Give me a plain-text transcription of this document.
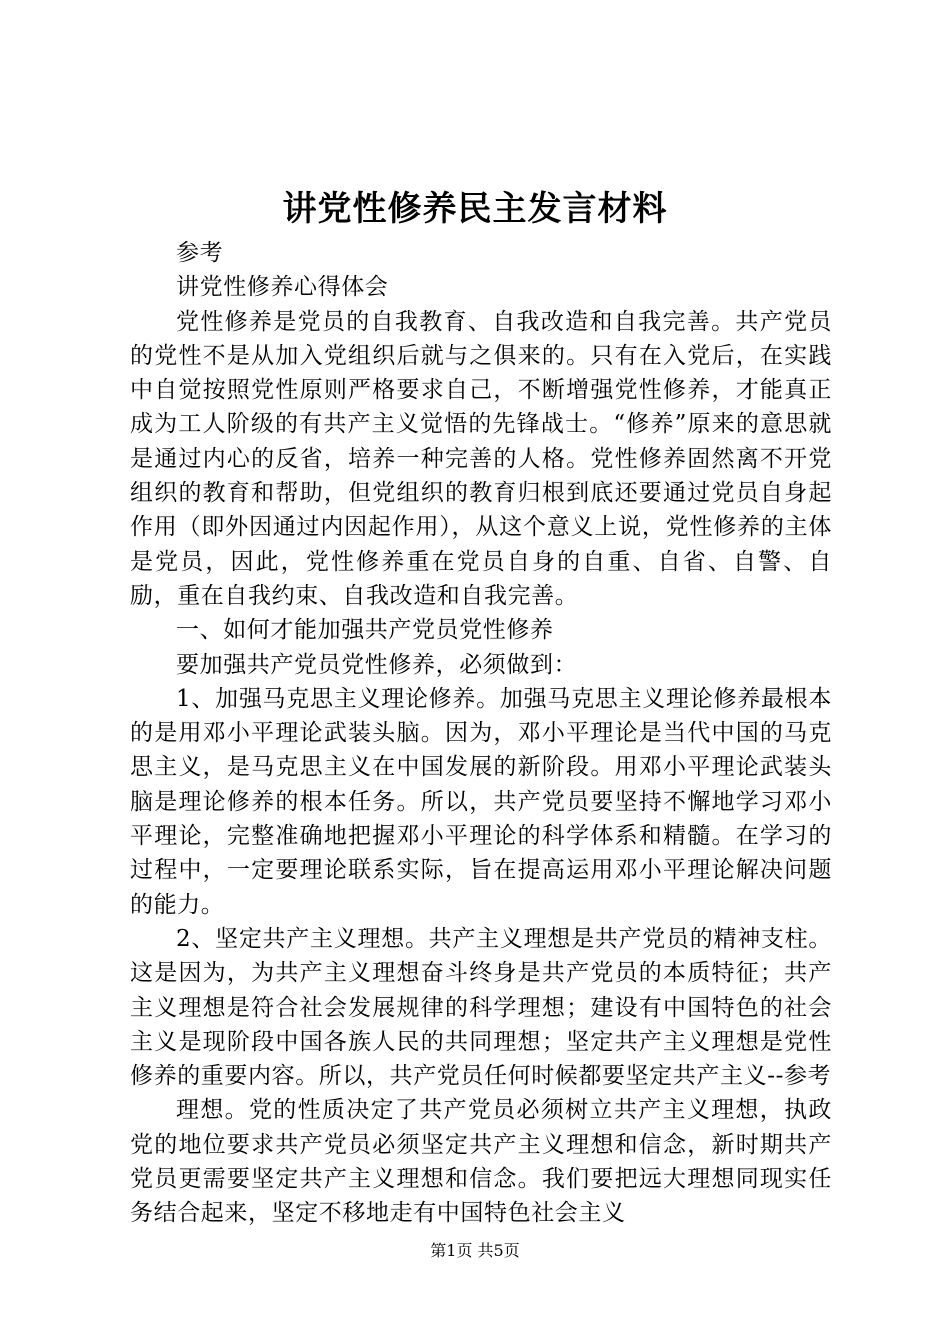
讲党性修养民主发言材料

参考

讲党性修养心得体会

党性修养是党员的自我教育、自我改造和自我完善。共产党员的党性不是从加入党组织后就与之俱来的。只有在入党后，在实践中自觉按照党性原则严格要求自己，不断增强党性修养，才能真正成为工人阶级的有共产主义觉悟的先锋战士。“修养”原来的意思就是通过内心的反省，培养一种完善的人格。党性修养固然离不开党组织的教育和帮助，但党组织的教育归根到底还要通过党员自身起作用（即外因通过内因起作用），从这个意义上说，党性修养的主体是党员，因此，党性修养重在党员自身的自重、自省、自警、自励，重在自我约束、自我改造和自我完善。

一、如何才能加强共产党员党性修养

要加强共产党员党性修养，必须做到：

1、加强马克思主义理论修养。加强马克思主义理论修养最根本的是用邓小平理论武装头脑。因为，邓小平理论是当代中国的马克思主义，是马克思主义在中国发展的新阶段。用邓小平理论武装头脑是理论修养的根本任务。所以，共产党员要坚持不懈地学习邓小平理论，完整准确地把握邓小平理论的科学体系和精髓。在学习的过程中，一定要理论联系实际，旨在提高运用邓小平理论解决问题的能力。

2、坚定共产主义理想。共产主义理想是共产党员的精神支柱。这是因为，为共产主义理想奋斗终身是共产党员的本质特征；共产主义理想是符合社会发展规律的科学理想；建设有中国特色的社会主义是现阶段中国各族人民的共同理想；坚定共产主义理想是党性修养的重要内容。所以，共产党员任何时候都要坚定共产主义--参考

理想。党的性质决定了共产党员必须树立共产主义理想，执政党的地位要求共产党员必须坚定共产主义理想和信念，新时期共产党员更需要坚定共产主义理想和信念。我们要把远大理想同现实任务结合起来，坚定不移地走有中国特色社会主义

第1页 共5页
